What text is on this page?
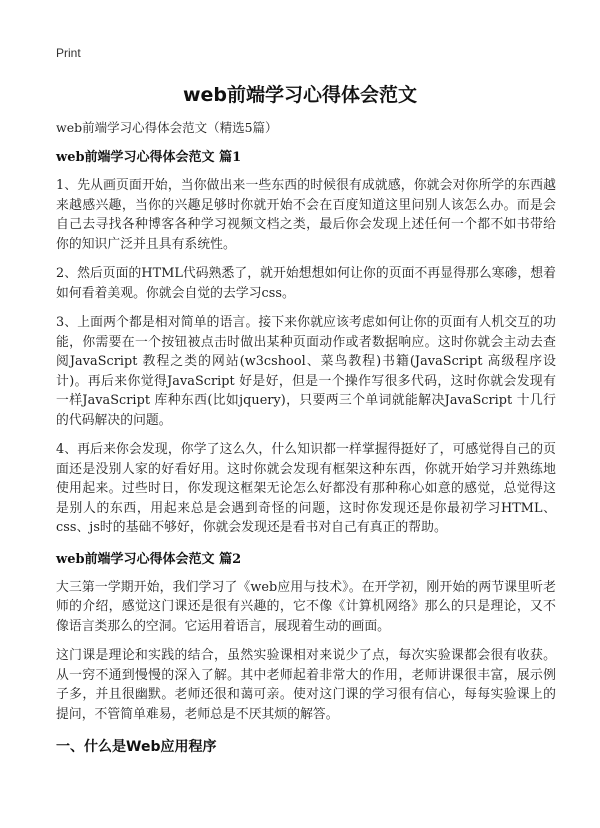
Print
web前端学习心得体会范文

web前端学习心得体会范文（精选5篇）

web前端学习心得体会范文 篇1

1、先从画页面开始，当你做出来一些东西的时候很有成就感，你就会对你所学的东西越来越感兴趣，当你的兴趣足够时你就开始不会在百度知道这里问别人该怎么办。而是会自己去寻找各种博客各种学习视频文档之类，最后你会发现上述任何一个都不如书带给你的知识广泛并且具有系统性。

2、然后页面的HTML代码熟悉了，就开始想想如何让你的页面不再显得那么寒碜，想着如何看着美观。你就会自觉的去学习css。

3、上面两个都是相对简单的语言。接下来你就应该考虑如何让你的页面有人机交互的功能，你需要在一个按钮被点击时做出某种页面动作或者数据响应。这时你就会主动去查阅JavaScript 教程之类的网站(w3cshool、菜鸟教程)书籍(JavaScript 高级程序设计)。再后来你觉得JavaScript 好是好，但是一个操作写很多代码，这时你就会发现有一样JavaScript 库种东西(比如jquery)，只要两三个单词就能解决JavaScript 十几行的代码解决的问题。

4、再后来你会发现，你学了这么久，什么知识都一样掌握得挺好了，可感觉得自己的页面还是没别人家的好看好用。这时你就会发现有框架这种东西，你就开始学习并熟练地使用起来。过些时日，你发现这框架无论怎么好都没有那种称心如意的感觉，总觉得这是别人的东西，用起来总是会遇到奇怪的问题，这时你发现还是你最初学习HTML、css、js时的基础不够好，你就会发现还是看书对自己有真正的帮助。

web前端学习心得体会范文 篇2

大三第一学期开始，我们学习了《web应用与技术》。在开学初，刚开始的两节课里听老师的介绍，感觉这门课还是很有兴趣的，它不像《计算机网络》那么的只是理论，又不像语言类那么的空洞。它运用着语言，展现着生动的画面。

这门课是理论和实践的结合，虽然实验课相对来说少了点，每次实验课都会很有收获。从一窍不通到慢慢的深入了解。其中老师起着非常大的作用，老师讲课很丰富，展示例子多，并且很幽默。老师还很和蔼可亲。使对这门课的学习很有信心，每每实验课上的提问，不管简单难易，老师总是不厌其烦的解答。

一、什么是Web应用程序
